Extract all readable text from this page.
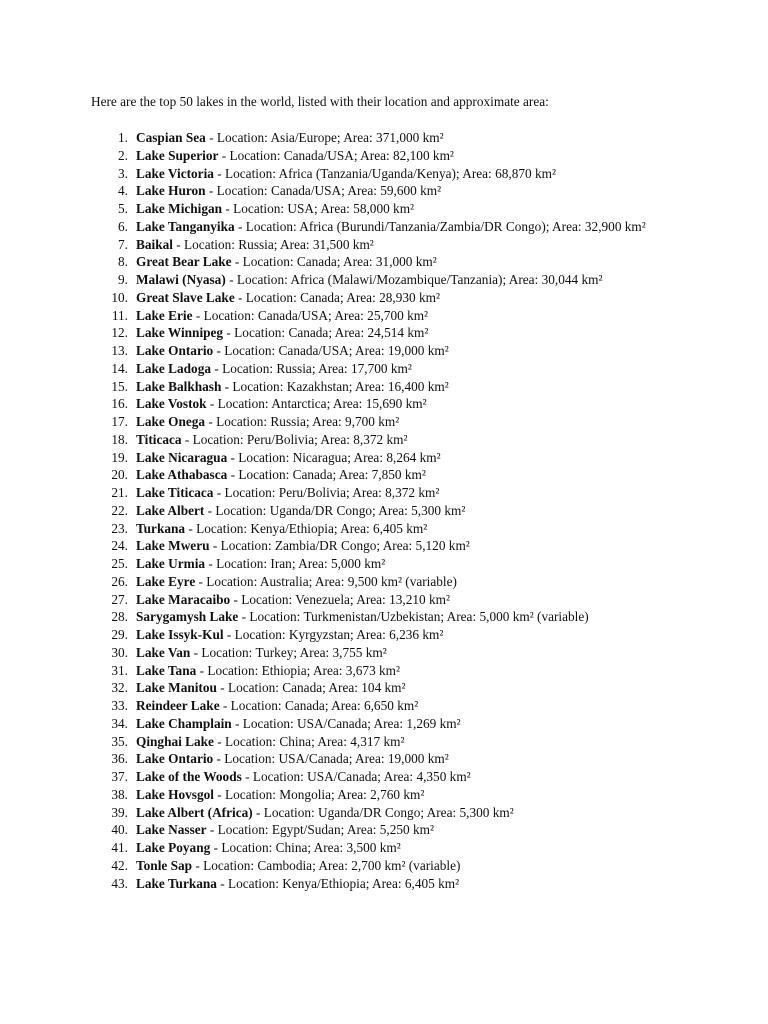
Here are the top 50 lakes in the world, listed with their location and approximate area:

1. Caspian Sea - Location: Asia/Europe; Area: 371,000 km²
2. Lake Superior - Location: Canada/USA; Area: 82,100 km²
3. Lake Victoria - Location: Africa (Tanzania/Uganda/Kenya); Area: 68,870 km²
4. Lake Huron - Location: Canada/USA; Area: 59,600 km²
5. Lake Michigan - Location: USA; Area: 58,000 km²
6. Lake Tanganyika - Location: Africa (Burundi/Tanzania/Zambia/DR Congo); Area: 32,900 km²
7. Baikal - Location: Russia; Area: 31,500 km²
8. Great Bear Lake - Location: Canada; Area: 31,000 km²
9. Malawi (Nyasa) - Location: Africa (Malawi/Mozambique/Tanzania); Area: 30,044 km²
10. Great Slave Lake - Location: Canada; Area: 28,930 km²
11. Lake Erie - Location: Canada/USA; Area: 25,700 km²
12. Lake Winnipeg - Location: Canada; Area: 24,514 km²
13. Lake Ontario - Location: Canada/USA; Area: 19,000 km²
14. Lake Ladoga - Location: Russia; Area: 17,700 km²
15. Lake Balkhash - Location: Kazakhstan; Area: 16,400 km²
16. Lake Vostok - Location: Antarctica; Area: 15,690 km²
17. Lake Onega - Location: Russia; Area: 9,700 km²
18. Titicaca - Location: Peru/Bolivia; Area: 8,372 km²
19. Lake Nicaragua - Location: Nicaragua; Area: 8,264 km²
20. Lake Athabasca - Location: Canada; Area: 7,850 km²
21. Lake Titicaca - Location: Peru/Bolivia; Area: 8,372 km²
22. Lake Albert - Location: Uganda/DR Congo; Area: 5,300 km²
23. Turkana - Location: Kenya/Ethiopia; Area: 6,405 km²
24. Lake Mweru - Location: Zambia/DR Congo; Area: 5,120 km²
25. Lake Urmia - Location: Iran; Area: 5,000 km²
26. Lake Eyre - Location: Australia; Area: 9,500 km² (variable)
27. Lake Maracaibo - Location: Venezuela; Area: 13,210 km²
28. Sarygamysh Lake - Location: Turkmenistan/Uzbekistan; Area: 5,000 km² (variable)
29. Lake Issyk-Kul - Location: Kyrgyzstan; Area: 6,236 km²
30. Lake Van - Location: Turkey; Area: 3,755 km²
31. Lake Tana - Location: Ethiopia; Area: 3,673 km²
32. Lake Manitou - Location: Canada; Area: 104 km²
33. Reindeer Lake - Location: Canada; Area: 6,650 km²
34. Lake Champlain - Location: USA/Canada; Area: 1,269 km²
35. Qinghai Lake - Location: China; Area: 4,317 km²
36. Lake Ontario - Location: USA/Canada; Area: 19,000 km²
37. Lake of the Woods - Location: USA/Canada; Area: 4,350 km²
38. Lake Hovsgol - Location: Mongolia; Area: 2,760 km²
39. Lake Albert (Africa) - Location: Uganda/DR Congo; Area: 5,300 km²
40. Lake Nasser - Location: Egypt/Sudan; Area: 5,250 km²
41. Lake Poyang - Location: China; Area: 3,500 km²
42. Tonle Sap - Location: Cambodia; Area: 2,700 km² (variable)
43. Lake Turkana - Location: Kenya/Ethiopia; Area: 6,405 km²
